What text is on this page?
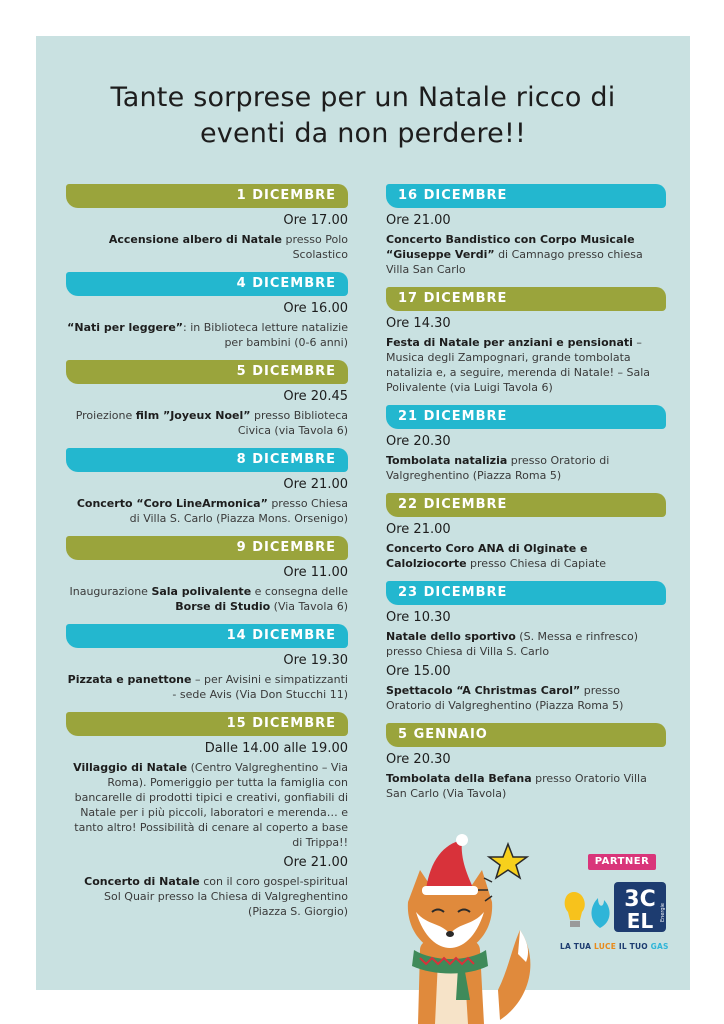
Tante sorprese per un Natale ricco di
eventi da non perdere!!
1 DICEMBRE
Ore 17.00
Accensione albero di Natale presso Polo Scolastico
4 DICEMBRE
Ore 16.00
“Nati per leggere”: in Biblioteca letture natalizie per bambini (0-6 anni)
5 DICEMBRE
Ore 20.45
Proiezione film ”Joyeux Noel” presso Biblioteca Civica (via Tavola 6)
8 DICEMBRE
Ore 21.00
Concerto “Coro LineArmonica” presso Chiesa di Villa S. Carlo (Piazza Mons. Orsenigo)
9 DICEMBRE
Ore 11.00
Inaugurazione Sala polivalente e consegna delle Borse di Studio (Via Tavola 6)
14 DICEMBRE
Ore 19.30
Pizzata e panettone – per Avisini e simpatizzanti - sede Avis (Via Don Stucchi 11)
15 DICEMBRE
Dalle 14.00 alle 19.00
Villaggio di Natale (Centro Valgreghentino – Via Roma). Pomeriggio per tutta la famiglia con bancarelle di prodotti tipici e creativi, gonfiabili di Natale per i più piccoli, laboratori e merenda… e tanto altro! Possibilità di cenare al coperto a base di Trippa!!
Ore 21.00
Concerto di Natale con il coro gospel-spiritual Sol Quair presso la Chiesa di Valgreghentino (Piazza S. Giorgio)
16 DICEMBRE
Ore 21.00
Concerto Bandistico con Corpo Musicale “Giuseppe Verdi” di Camnago presso chiesa Villa San Carlo
17 DICEMBRE
Ore 14.30
Festa di Natale per anziani e pensionati – Musica degli Zampognari, grande tombolata natalizia e, a seguire, merenda di Natale! – Sala Polivalente (via Luigi Tavola 6)
21 DICEMBRE
Ore 20.30
Tombolata natalizia presso Oratorio di Valgreghentino (Piazza Roma 5)
22 DICEMBRE
Ore 21.00
Concerto Coro ANA di Olginate e Calolziocorte presso Chiesa di Capiate
23 DICEMBRE
Ore 10.30
Natale dello sportivo (S. Messa e rinfresco) presso Chiesa di Villa S. Carlo
Ore 15.00
Spettacolo “A Christmas Carol” presso Oratorio di Valgreghentino (Piazza Roma 5)
5 GENNAIO
Ore 20.30
Tombolata della Befana presso Oratorio Villa San Carlo (Via Tavola)
PARTNER
3C
EL Energie
LA TUA LUCE IL TUO GAS
